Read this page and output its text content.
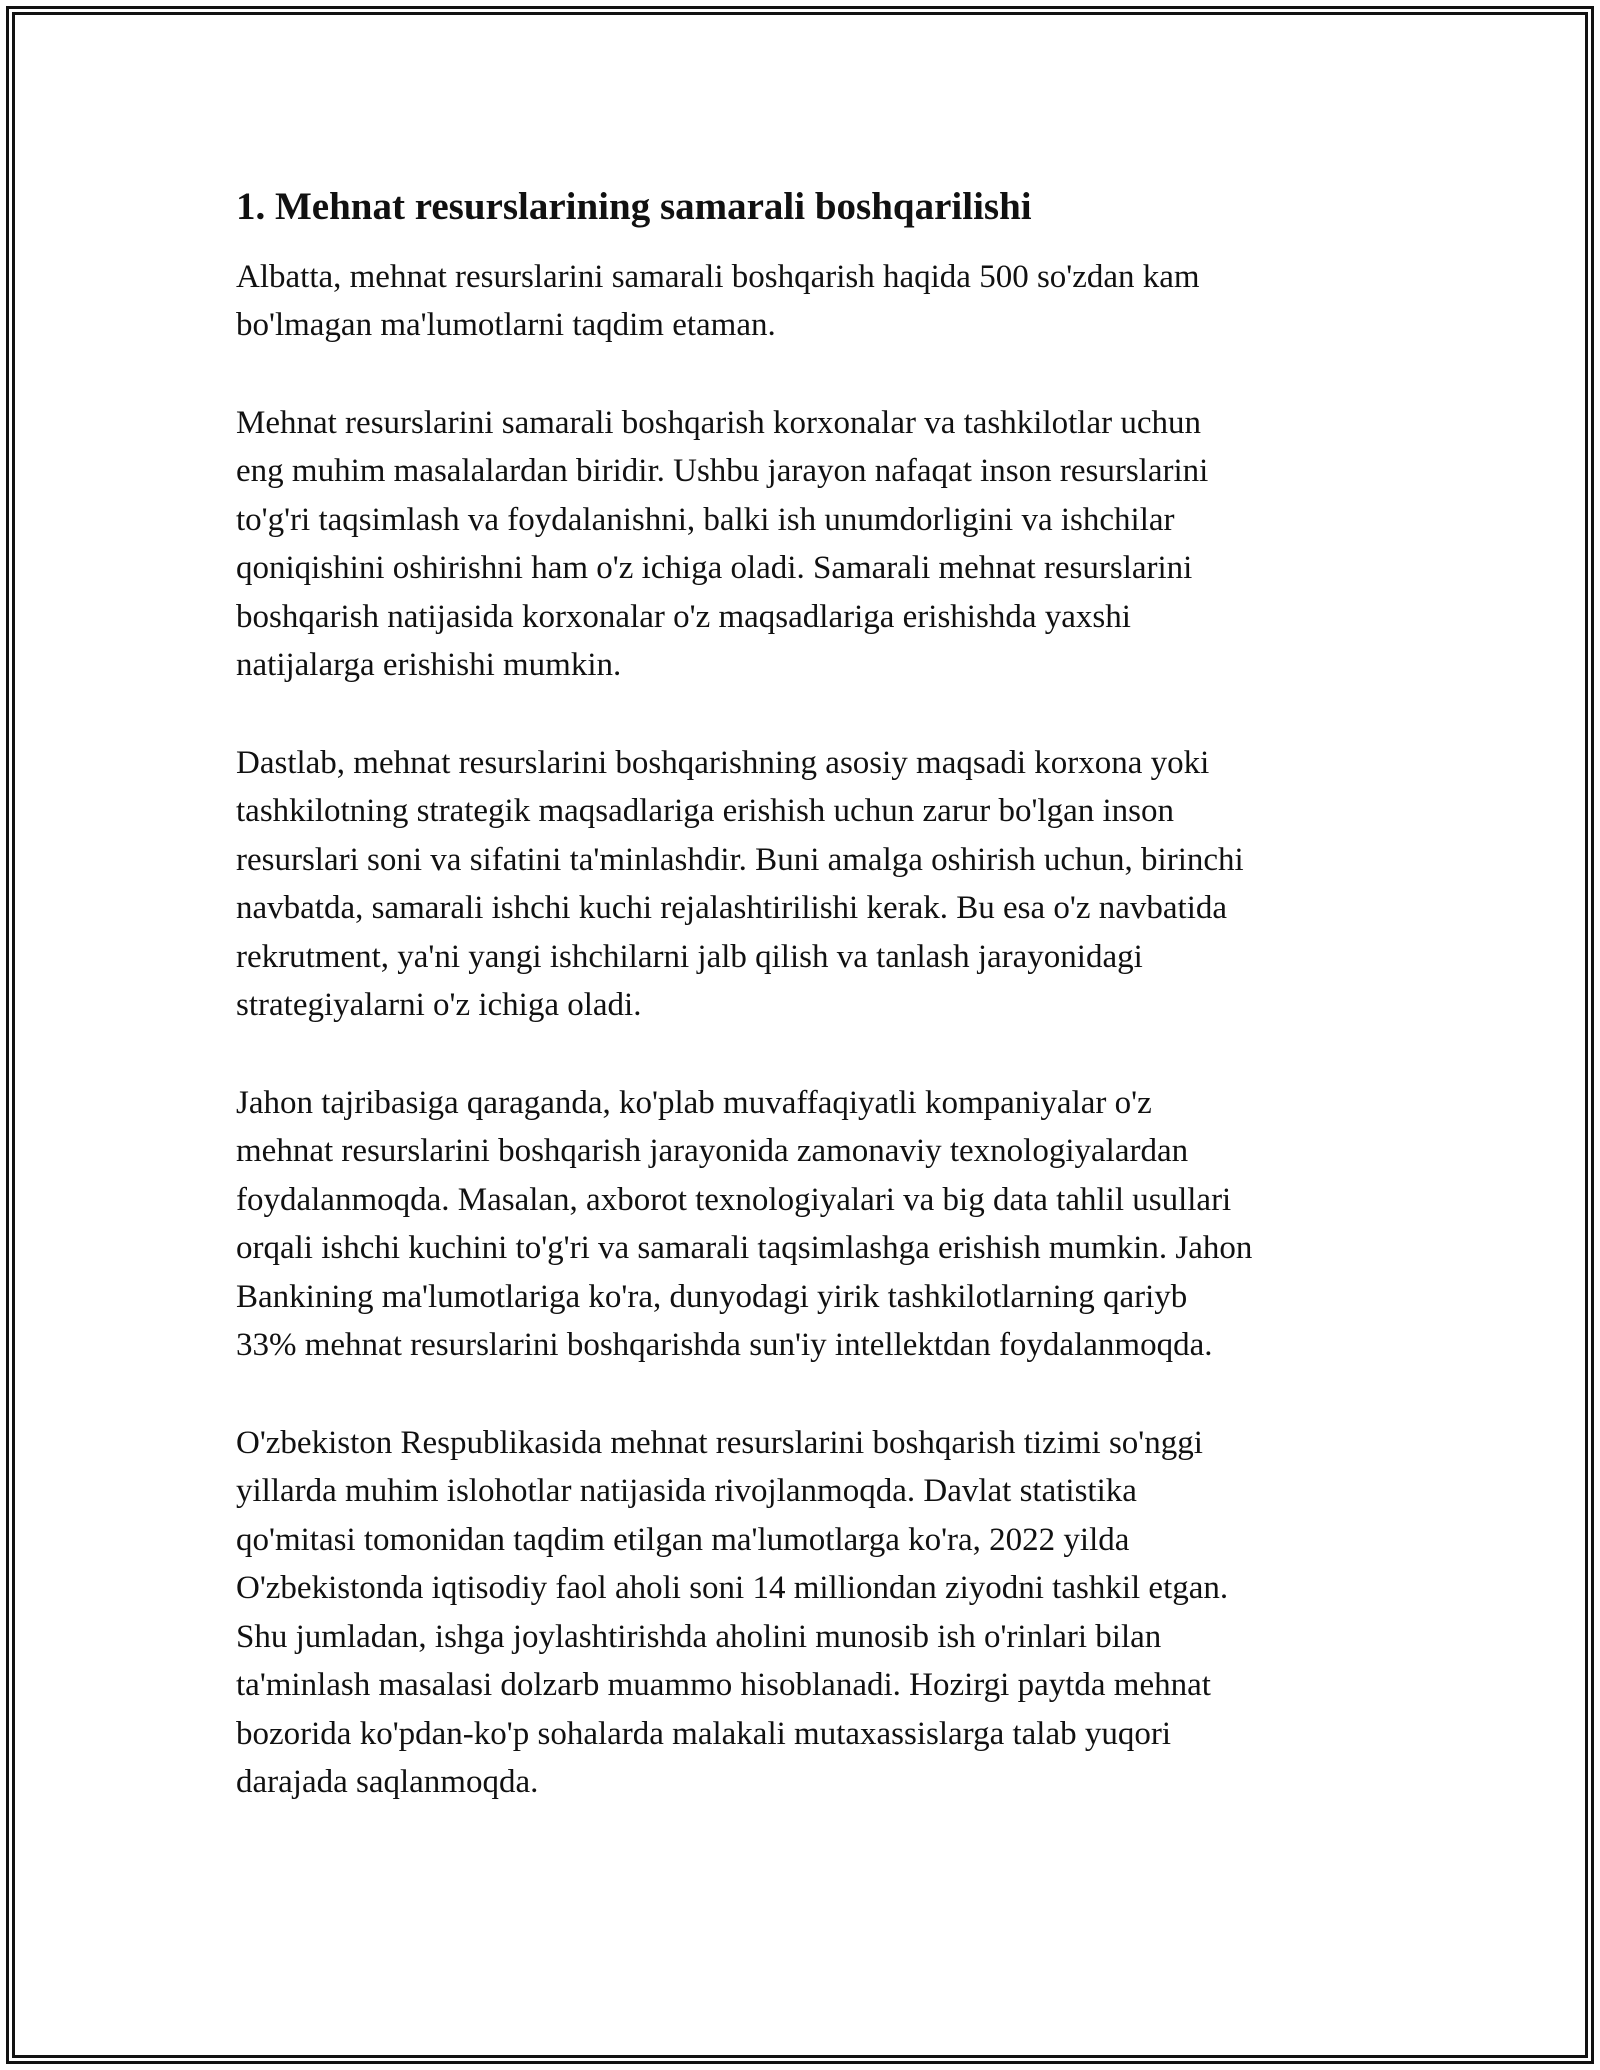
1. Mehnat resurslarining samarali boshqarilishi

Albatta, mehnat resurslarini samarali boshqarish haqida 500 so'zdan kam
bo'lmagan ma'lumotlarni taqdim etaman.

Mehnat resurslarini samarali boshqarish korxonalar va tashkilotlar uchun
eng muhim masalalardan biridir. Ushbu jarayon nafaqat inson resurslarini
to'g'ri taqsimlash va foydalanishni, balki ish unumdorligini va ishchilar
qoniqishini oshirishni ham o'z ichiga oladi. Samarali mehnat resurslarini
boshqarish natijasida korxonalar o'z maqsadlariga erishishda yaxshi
natijalarga erishishi mumkin.

Dastlab, mehnat resurslarini boshqarishning asosiy maqsadi korxona yoki
tashkilotning strategik maqsadlariga erishish uchun zarur bo'lgan inson
resurslari soni va sifatini ta'minlashdir. Buni amalga oshirish uchun, birinchi
navbatda, samarali ishchi kuchi rejalashtirilishi kerak. Bu esa o'z navbatida
rekrutment, ya'ni yangi ishchilarni jalb qilish va tanlash jarayonidagi
strategiyalarni o'z ichiga oladi.

Jahon tajribasiga qaraganda, ko'plab muvaffaqiyatli kompaniyalar o'z
mehnat resurslarini boshqarish jarayonida zamonaviy texnologiyalardan
foydalanmoqda. Masalan, axborot texnologiyalari va big data tahlil usullari
orqali ishchi kuchini to'g'ri va samarali taqsimlashga erishish mumkin. Jahon
Bankining ma'lumotlariga ko'ra, dunyodagi yirik tashkilotlarning qariyb
33% mehnat resurslarini boshqarishda sun'iy intellektdan foydalanmoqda.

O'zbekiston Respublikasida mehnat resurslarini boshqarish tizimi so'nggi
yillarda muhim islohotlar natijasida rivojlanmoqda. Davlat statistika
qo'mitasi tomonidan taqdim etilgan ma'lumotlarga ko'ra, 2022 yilda
O'zbekistonda iqtisodiy faol aholi soni 14 milliondan ziyodni tashkil etgan.
Shu jumladan, ishga joylashtirishda aholini munosib ish o'rinlari bilan
ta'minlash masalasi dolzarb muammo hisoblanadi. Hozirgi paytda mehnat
bozorida ko'pdan-ko'p sohalarda malakali mutaxassislarga talab yuqori
darajada saqlanmoqda.
